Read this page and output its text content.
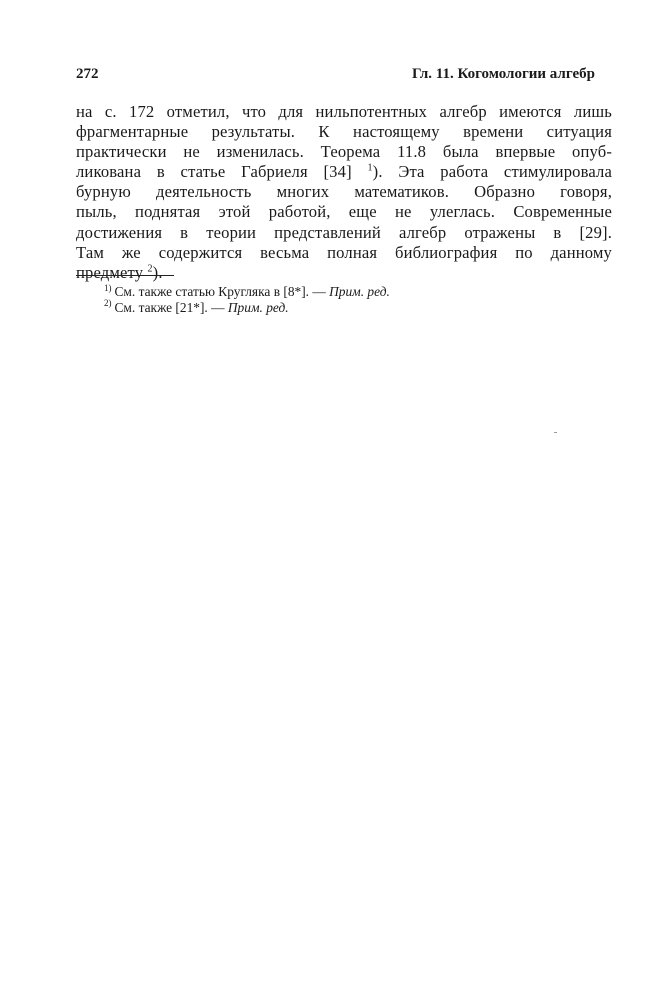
272	Гл. 11. Когомологии алгебр
на с. 172 отметил, что для нильпотентных алгебр имеются лишь
фрагментарные результаты. К настоящему времени ситуация
практически не изменилась. Теорема 11.8 была впервые опуб-
ликована в статье Габриеля [34] $^1$). Эта работа стимулировала
бурную деятельность многих математиков. Образно говоря,
пыль, поднятая этой работой, еще не улеглась. Современные
достижения в теории представлений алгебр отражены в [29].
Там же содержится весьма полная библиография по данному
предмету $^2$).
$^{1)}$ См. также статью Кругляка в [8*]. — Прим. ред.
$^{2)}$ См. также [21*]. — Прим. ред.
